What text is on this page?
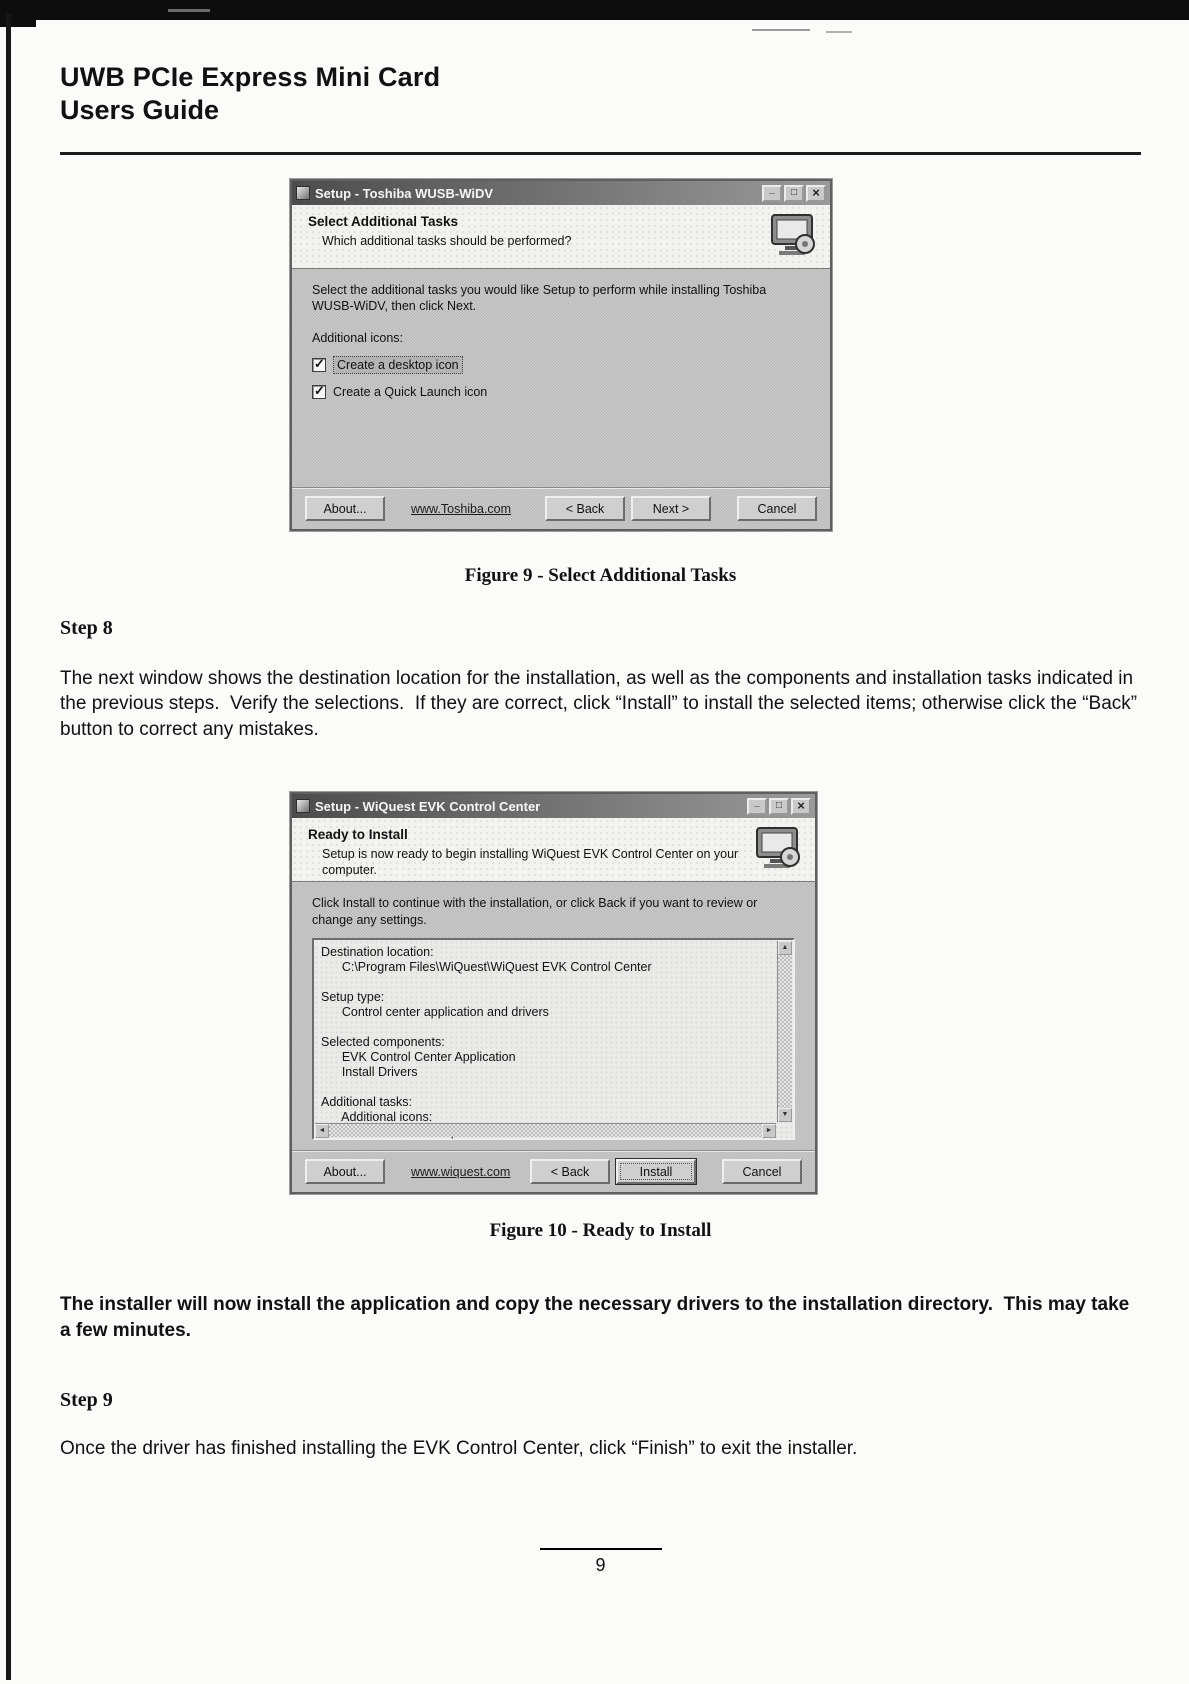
UWB PCIe Express Mini Card
Users Guide
Setup - Toshiba WUSB-WiDV
_
□
×
Select Additional Tasks
Which additional tasks should be performed?
Select the additional tasks you would like Setup to perform while installing Toshiba WUSB-WiDV, then click Next.
Additional icons:
✓
Create a desktop icon
✓
Create a Quick Launch icon
About...	www.Toshiba.com	< Back	Next >	Cancel
Figure 9 - Select Additional Tasks
Step 8
The next window shows the destination location for the installation, as well as the components and installation tasks indicated in the previous steps.  Verify the selections.  If they are correct, click “Install” to install the selected items; otherwise click the “Back” button to correct any mistakes.
Setup - WiQuest EVK Control Center
_
□
×
Ready to Install
Setup is now ready to begin installing WiQuest EVK Control Center on your computer.
Click Install to continue with the installation, or click Back if you want to review or change any settings.
Destination location:
C:\Program Files\WiQuest\WiQuest EVK Control Center
Setup type:
Control center application and drivers
Selected components:
EVK Control Center Application
Install Drivers
Additional tasks:
Additional icons:
▲
▼
◄
►
About...	www.wiquest.com	< Back	Install	Cancel
Figure 10 - Ready to Install
The installer will now install the application and copy the necessary drivers to the installation directory.  This may take a few minutes.
Step 9
Once the driver has finished installing the EVK Control Center, click “Finish” to exit the installer.
9
